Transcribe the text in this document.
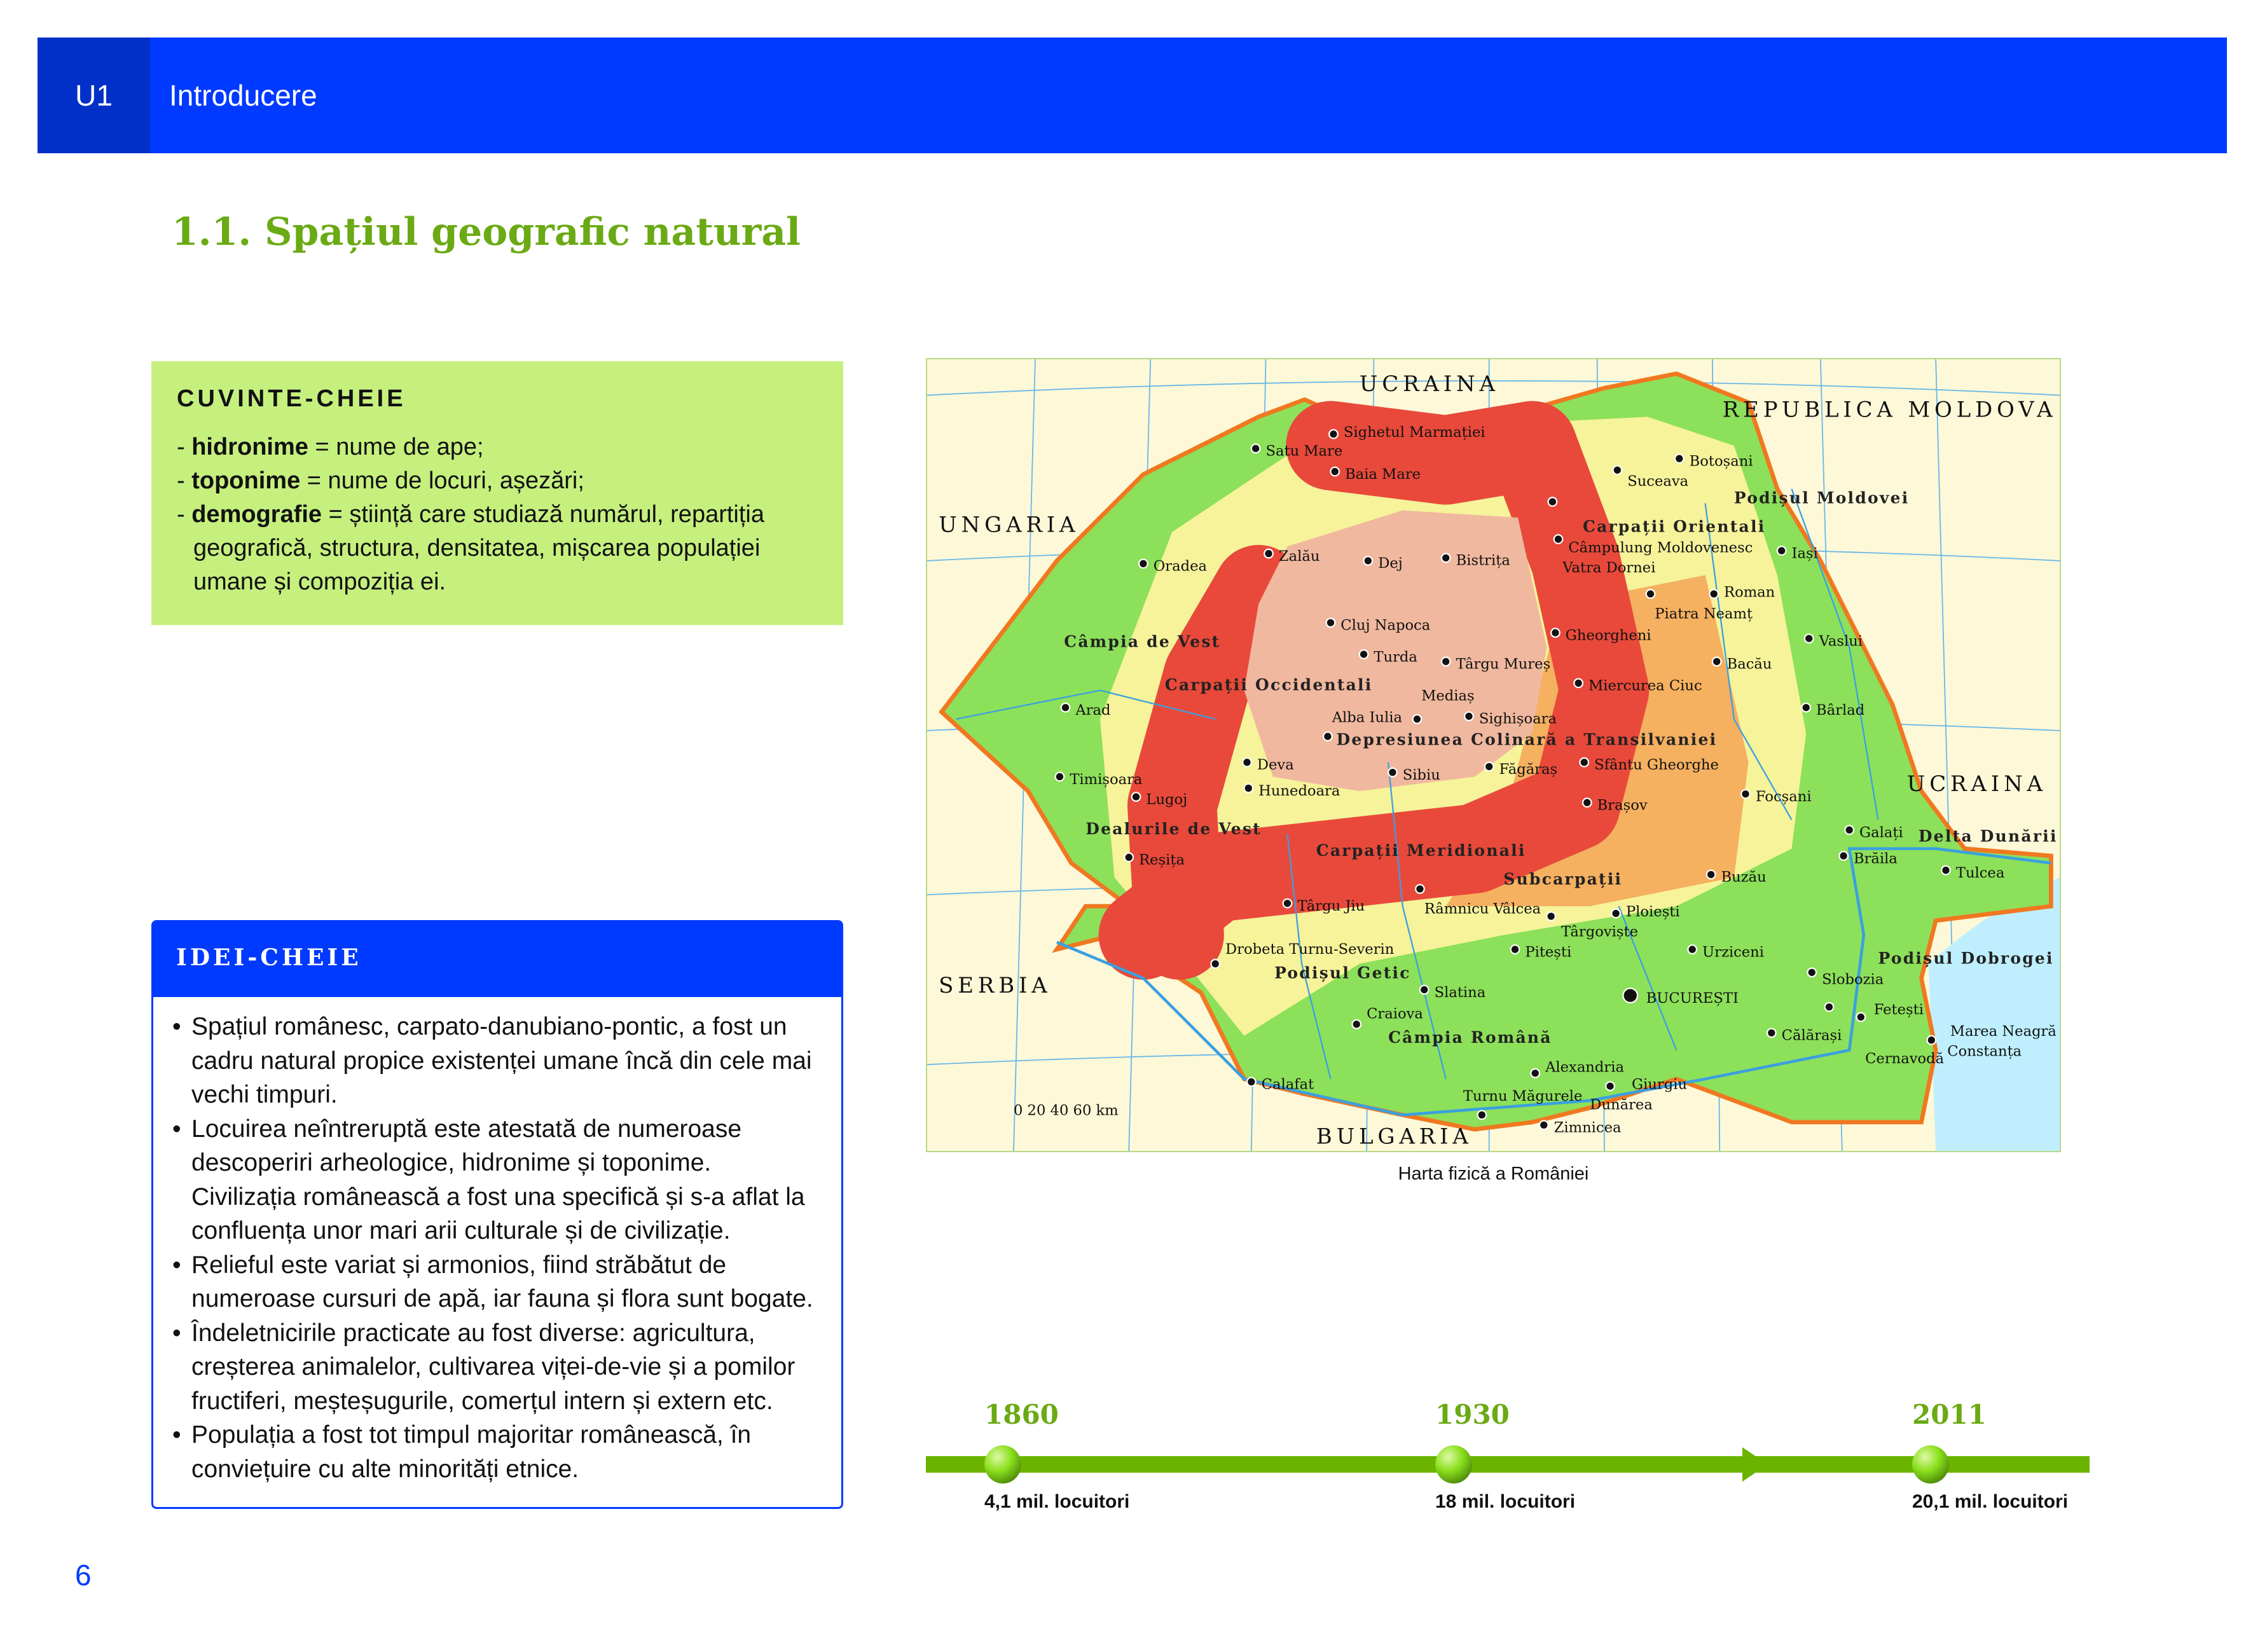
U1	Introducere
1.1. Spațiul geografic natural
CUVINTE-CHEIE
- hidronime = nume de ape;
- toponime = nume de locuri, așezări;
- demografie = știință care studiază numărul, repartiția geografică, structura, densitatea, mișcarea populației umane și compoziția ei.
IDEI-CHEIE
• Spațiul românesc, carpato-danubiano-pontic, a fost un cadru natural propice existenței umane încă din cele mai vechi timpuri.
• Locuirea neîntreruptă este atestată de numeroase descoperiri arheologice, hidronime și toponime. Civilizația românească a fost una specifică și s-a aflat la confluența unor mari arii culturale și de civilizație.
• Relieful este variat și armonios, fiind străbătut de numeroase cursuri de apă, iar fauna și flora sunt bogate.
• Îndeletnicirile practicate au fost diverse: agricultura, creșterea animalelor, cultivarea viței-de-vie și a pomilor fructiferi, meșteșugurile, comerțul intern și extern etc.
• Populația a fost tot timpul majoritar românească, în conviețuire cu alte minorități etnice.
UCRAINA
UNGARIA
SERBIA
BULGARIA
REPUBLICA MOLDOVA
UCRAINA
Carpații Orientali
Carpații Meridionali
Carpații Occidentali
Depresiunea Colinară a Transilvaniei
Câmpia Română
Câmpia de Vest
Podișul Moldovei
Podișul Getic
Podișul Dobrogei
Subcarpații
Delta Dunării
Dealurile de Vest
0 20 40 60 km
Marea Neagră
Dunărea
Satu Mare
Sighetul Marmației
Baia Mare
Zalău
Oradea	Dej	Bistrița
Cluj Napoca
Turda	Târgu Mureș
Alba Iulia
Mediaș
Sighișoara
Sibiu	Făgăraș
Brașov
Arad
Timișoara
Lugoj
Deva
Hunedoara
Reșița
Drobeta Turnu-Severin
Târgu Jiu	Râmnicu Vâlcea
Pitești
Târgoviște
Ploiești
BUCUREȘTI
Craiova
Slatina
Calafat
Alexandria
Turnu Măgurele
Zimnicea
Giurgiu
Călărași
Slobozia
Urziceni
Fetești
Cernavodă Constanța
Tulcea
Galați
Brăila
Buzău
Focșani
Bârlad
Vaslui
Iași
Botoșani
Suceava
Câmpulung Moldovenesc
Vatra Dornei
Piatra Neamț
Roman
Bacău
Gheorgheni
Miercurea Ciuc
Sfântu Gheorghe
Harta fizică a României
1860	1930	2011
4,1 mil. locuitori	18 mil. locuitori	20,1 mil. locuitori
6
